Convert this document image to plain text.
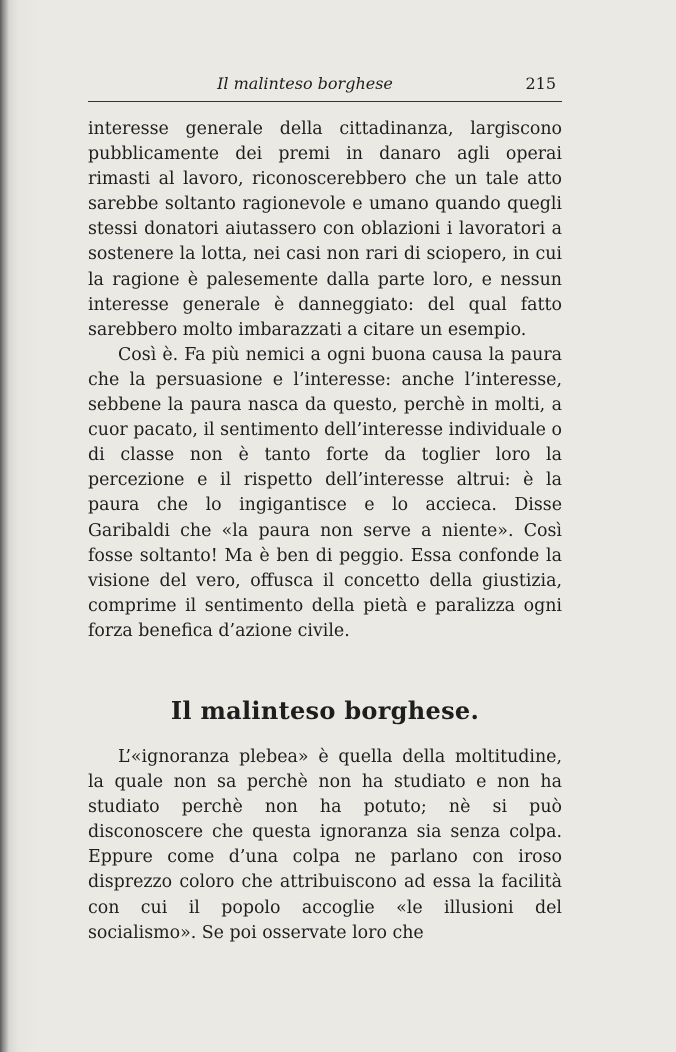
Il malinteso borghese	215

interesse generale della cittadinanza, largiscono pubblicamente dei premi in danaro agli operai rimasti al lavoro, riconoscerebbero che un tale atto sarebbe soltanto ragionevole e umano quando quegli stessi donatori aiutassero con oblazioni i lavoratori a sostenere la lotta, nei casi non rari di sciopero, in cui la ragione è palesemente dalla parte loro, e nessun interesse generale è danneggiato: del qual fatto sarebbero molto imbarazzati a citare un esempio.

Così è. Fa più nemici a ogni buona causa la paura che la persuasione e l’interesse: anche l’interesse, sebbene la paura nasca da questo, perchè in molti, a cuor pacato, il sentimento dell’interesse individuale o di classe non è tanto forte da toglier loro la percezione e il rispetto dell’interesse altrui: è la paura che lo ingigantisce e lo accieca. Disse Garibaldi che «la paura non serve a niente». Così fosse soltanto! Ma è ben di peggio. Essa confonde la visione del vero, offusca il concetto della giustizia, comprime il sentimento della pietà e paralizza ogni forza benefica d’azione civile.

Il malinteso borghese.

L’«ignoranza plebea» è quella della moltitudine, la quale non sa perchè non ha studiato e non ha studiato perchè non ha potuto; nè si può disconoscere che questa ignoranza sia senza colpa. Eppure come d’una colpa ne parlano con iroso disprezzo coloro che attribuiscono ad essa la facilità con cui il popolo accoglie «le illusioni del socialismo». Se poi osservate loro che
